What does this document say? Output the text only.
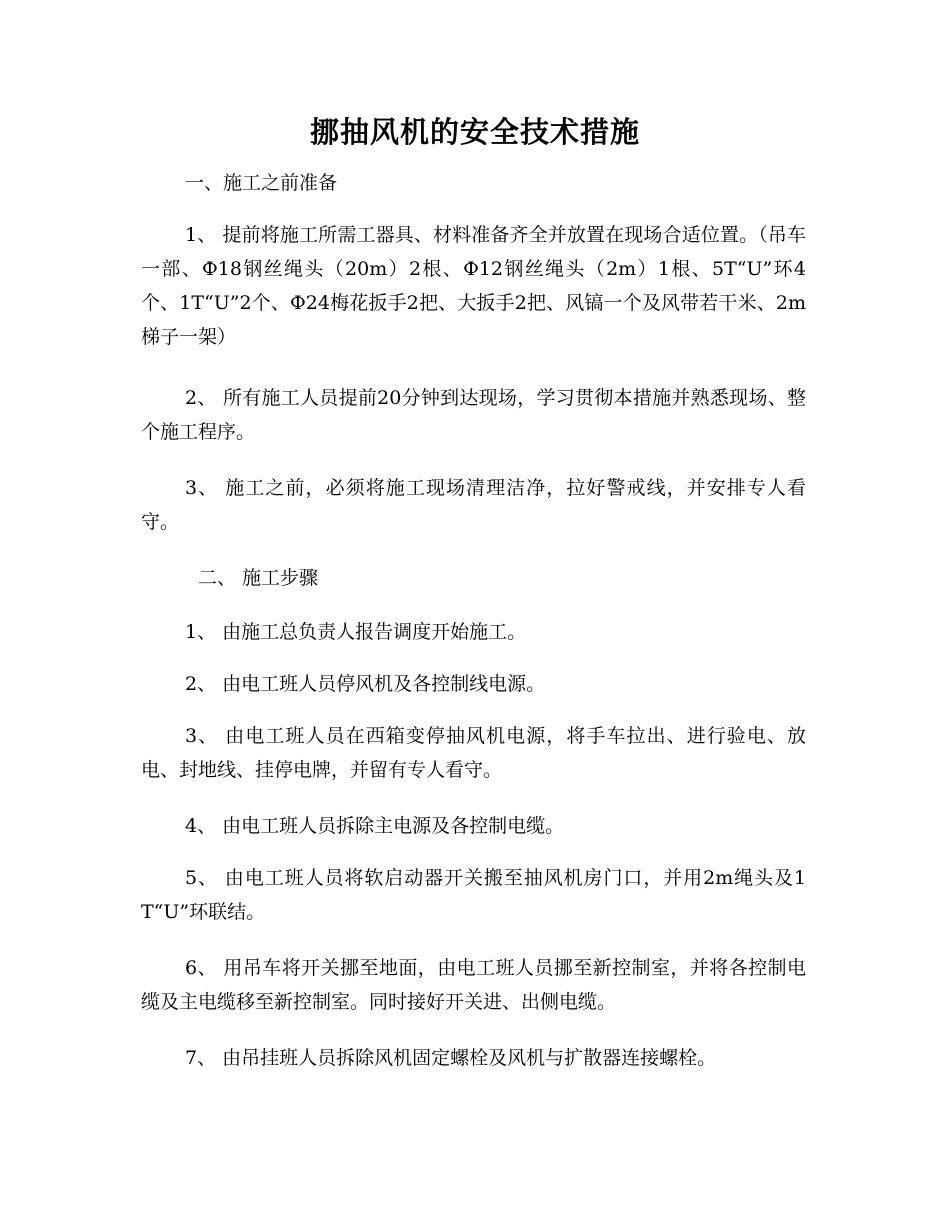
挪抽风机的安全技术措施

一、施工之前准备

1、 提前将施工所需工器具、材料准备齐全并放置在现场合适位置。（吊车一部、Ф18钢丝绳头（20m）2根、Ф12钢丝绳头（2m）1根、5T“U”环4个、1T“U”2个、Ф24梅花扳手2把、大扳手2把、风镐一个及风带若干米、2m梯子一架）

2、 所有施工人员提前20分钟到达现场，学习贯彻本措施并熟悉现场、整个施工程序。

3、 施工之前，必须将施工现场清理洁净，拉好警戒线，并安排专人看守。

二、 施工步骤

1、 由施工总负责人报告调度开始施工。

2、 由电工班人员停风机及各控制线电源。

3、 由电工班人员在西箱变停抽风机电源，将手车拉出、进行验电、放电、封地线、挂停电牌，并留有专人看守。

4、 由电工班人员拆除主电源及各控制电缆。

5、 由电工班人员将软启动器开关搬至抽风机房门口，并用2m绳头及1T“U”环联结。

6、 用吊车将开关挪至地面，由电工班人员挪至新控制室，并将各控制电缆及主电缆移至新控制室。同时接好开关进、出侧电缆。

7、 由吊挂班人员拆除风机固定螺栓及风机与扩散器连接螺栓。
